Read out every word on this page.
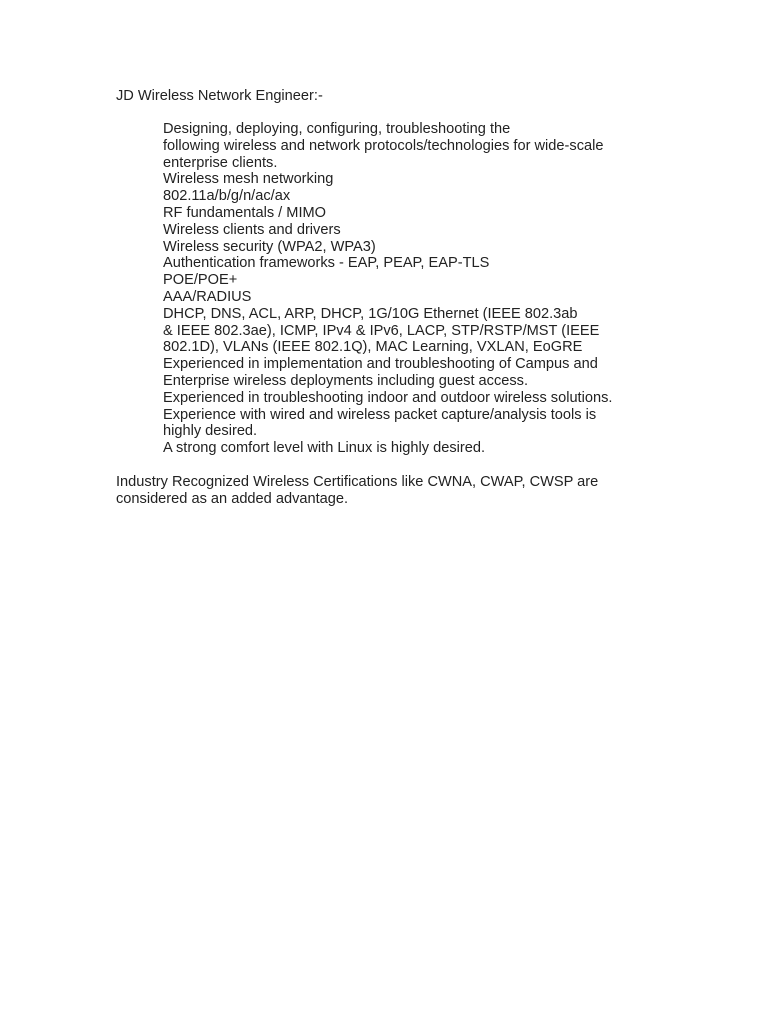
JD Wireless Network Engineer:-
Designing, deploying, configuring, troubleshooting the
following wireless and network protocols/technologies for wide-scale
enterprise clients.
Wireless mesh networking
802.11a/b/g/n/ac/ax
RF fundamentals / MIMO
Wireless clients and drivers
Wireless security (WPA2, WPA3)
Authentication frameworks - EAP, PEAP, EAP-TLS
POE/POE+
AAA/RADIUS
DHCP, DNS, ACL, ARP, DHCP, 1G/10G Ethernet (IEEE 802.3ab
& IEEE 802.3ae), ICMP, IPv4 & IPv6, LACP, STP/RSTP/MST (IEEE
802.1D), VLANs (IEEE 802.1Q), MAC Learning, VXLAN, EoGRE
Experienced in implementation and troubleshooting of Campus and
Enterprise wireless deployments including guest access.
Experienced in troubleshooting indoor and outdoor wireless solutions.
Experience with wired and wireless packet capture/analysis tools is
highly desired.
A strong comfort level with Linux is highly desired.
Industry Recognized Wireless Certifications like CWNA, CWAP, CWSP are
considered as an added advantage.
